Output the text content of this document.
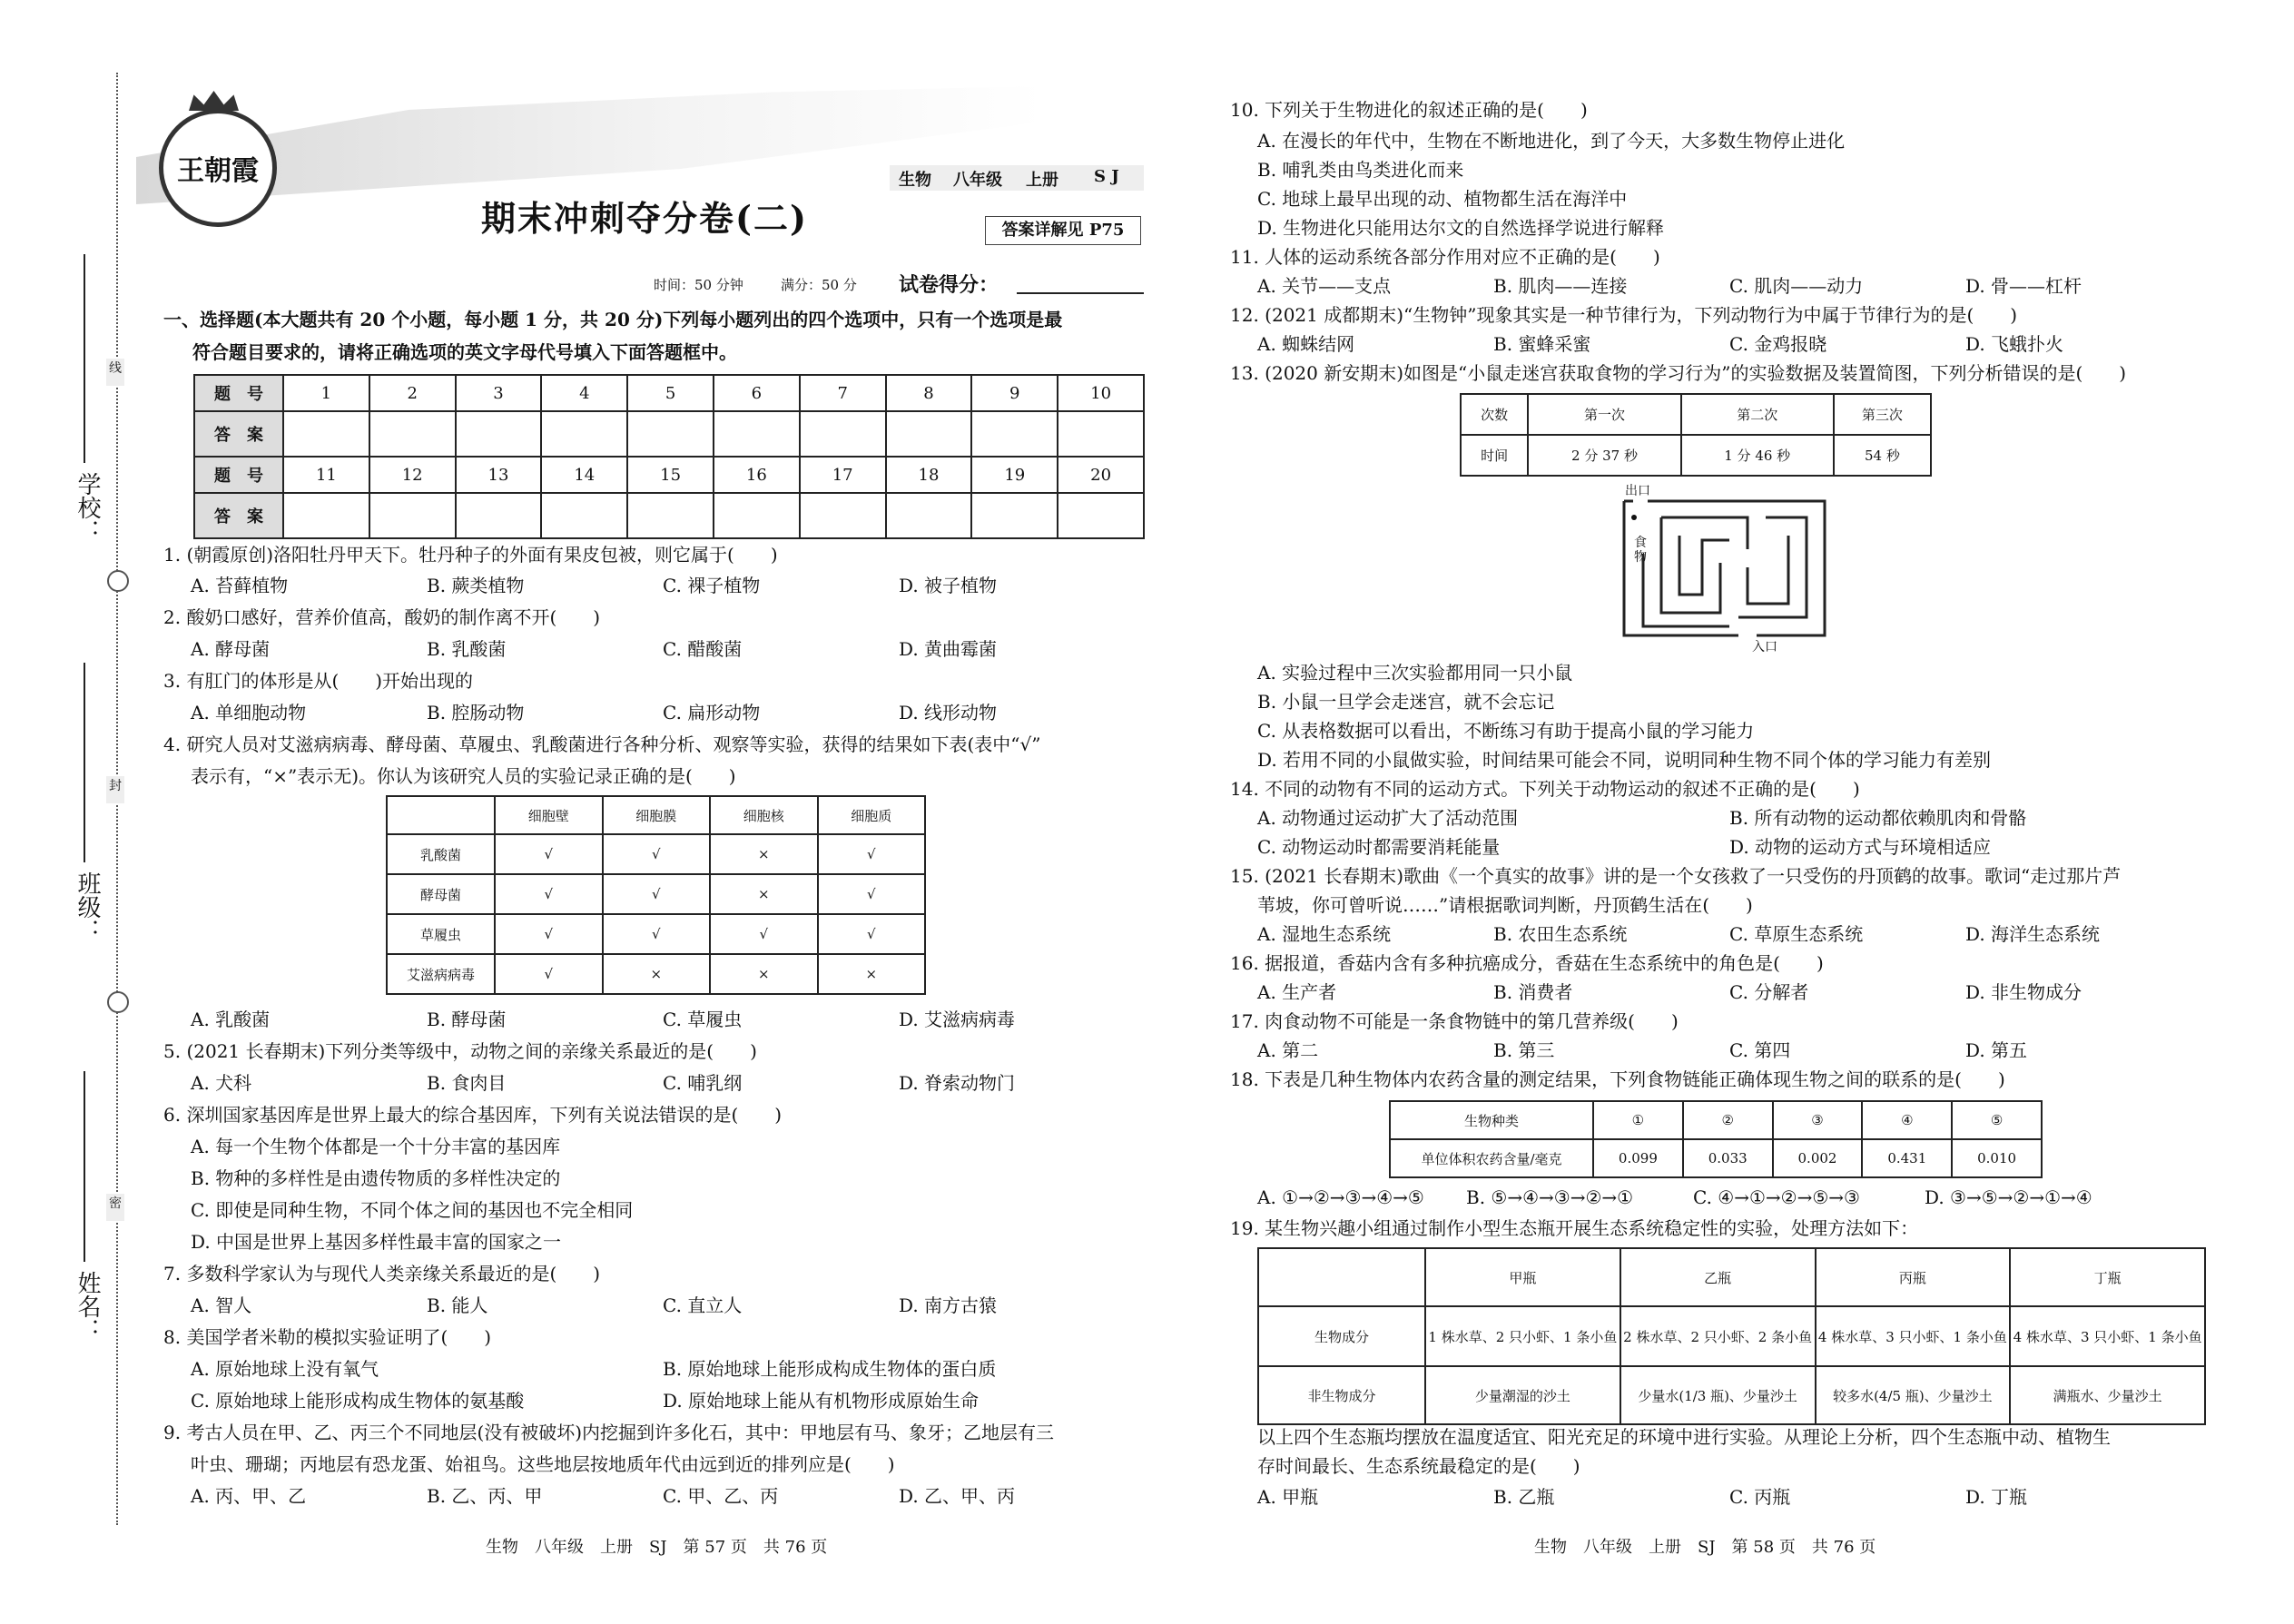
学校：
班级：
姓名：
线
封
密
王朝霞
期末冲刺夺分卷(二)
生物 八年级 上册 S J
答案详解见 P75
时间：50 分钟	满分：50 分 试卷得分：
一、选择题(本大题共有 20 个小题，每小题 1 分，共 20 分)下列每小题列出的四个选项中，只有一个选项是最
符合题目要求的，请将正确选项的英文字母代号填入下面答题框中。
题　号	1	2	3	4	5	6	7	8	9	10
答　案										
题　号	11	12	13	14	15	16	17	18	19	20
答　案										
1. (朝霞原创)洛阳牡丹甲天下。牡丹种子的外面有果皮包被，则它属于(　　)
A. 苔藓植物	B. 蕨类植物	C. 裸子植物	D. 被子植物
2. 酸奶口感好，营养价值高，酸奶的制作离不开(　　)
A. 酵母菌	B. 乳酸菌	C. 醋酸菌	D. 黄曲霉菌
3. 有肛门的体形是从(　　)开始出现的
A. 单细胞动物	B. 腔肠动物	C. 扁形动物	D. 线形动物
4. 研究人员对艾滋病病毒、酵母菌、草履虫、乳酸菌进行各种分析、观察等实验，获得的结果如下表(表中“√”
表示有，“×”表示无)。你认为该研究人员的实验记录正确的是(　　)
	细胞壁	细胞膜	细胞核	细胞质
乳酸菌	√	√	×	√
酵母菌	√	√	×	√
草履虫	√	√	√	√
艾滋病病毒	√	×	×	×
A. 乳酸菌	B. 酵母菌	C. 草履虫	D. 艾滋病病毒
5. (2021 长春期末)下列分类等级中，动物之间的亲缘关系最近的是(　　)
A. 犬科	B. 食肉目	C. 哺乳纲	D. 脊索动物门
6. 深圳国家基因库是世界上最大的综合基因库，下列有关说法错误的是(　　)
A. 每一个生物个体都是一个十分丰富的基因库
B. 物种的多样性是由遗传物质的多样性决定的
C. 即使是同种生物，不同个体之间的基因也不完全相同
D. 中国是世界上基因多样性最丰富的国家之一
7. 多数科学家认为与现代人类亲缘关系最近的是(　　)
A. 智人	B. 能人	C. 直立人	D. 南方古猿
8. 美国学者米勒的模拟实验证明了(　　)
A. 原始地球上没有氧气	B. 原始地球上能形成构成生物体的蛋白质
C. 原始地球上能形成构成生物体的氨基酸	D. 原始地球上能从有机物形成原始生命
9. 考古人员在甲、乙、丙三个不同地层(没有被破坏)内挖掘到许多化石，其中：甲地层有马、象牙；乙地层有三
叶虫、珊瑚；丙地层有恐龙蛋、始祖鸟。这些地层按地质年代由远到近的排列应是(　　)
A. 丙、甲、乙	B. 乙、丙、甲	C. 甲、乙、丙	D. 乙、甲、丙
生物　八年级　上册　SJ　第 57 页　共 76 页
10. 下列关于生物进化的叙述正确的是(　　)
A. 在漫长的年代中，生物在不断地进化，到了今天，大多数生物停止进化
B. 哺乳类由鸟类进化而来
C. 地球上最早出现的动、植物都生活在海洋中
D. 生物进化只能用达尔文的自然选择学说进行解释
11. 人体的运动系统各部分作用对应不正确的是(　　)
A. 关节——支点	B. 肌肉——连接	C. 肌肉——动力	D. 骨——杠杆
12. (2021 成都期末)“生物钟”现象其实是一种节律行为，下列动物行为中属于节律行为的是(　　)
A. 蜘蛛结网	B. 蜜蜂采蜜	C. 金鸡报晓	D. 飞蛾扑火
13. (2020 新安期末)如图是“小鼠走迷宫获取食物的学习行为”的实验数据及装置简图，下列分析错误的是(　　)
次数	第一次	第二次	第三次
时间	2 分 37 秒	1 分 46 秒	54 秒
出口
入口
食物
A. 实验过程中三次实验都用同一只小鼠
B. 小鼠一旦学会走迷宫，就不会忘记
C. 从表格数据可以看出，不断练习有助于提高小鼠的学习能力
D. 若用不同的小鼠做实验，时间结果可能会不同，说明同种生物不同个体的学习能力有差别
14. 不同的动物有不同的运动方式。下列关于动物运动的叙述不正确的是(　　)
A. 动物通过运动扩大了活动范围	B. 所有动物的运动都依赖肌肉和骨骼
C. 动物运动时都需要消耗能量	D. 动物的运动方式与环境相适应
15. (2021 长春期末)歌曲《一个真实的故事》讲的是一个女孩救了一只受伤的丹顶鹤的故事。歌词“走过那片芦
苇坡，你可曾听说……”请根据歌词判断，丹顶鹤生活在(　　)
A. 湿地生态系统	B. 农田生态系统	C. 草原生态系统	D. 海洋生态系统
16. 据报道，香菇内含有多种抗癌成分，香菇在生态系统中的角色是(　　)
A. 生产者	B. 消费者	C. 分解者	D. 非生物成分
17. 肉食动物不可能是一条食物链中的第几营养级(　　)
A. 第二	B. 第三	C. 第四	D. 第五
18. 下表是几种生物体内农药含量的测定结果，下列食物链能正确体现生物之间的联系的是(　　)
生物种类	①	②	③	④	⑤
单位体积农药含量/毫克	0.099	0.033	0.002	0.431	0.010
A. ①→②→③→④→⑤ B. ⑤→④→③→②→①	C. ④→①→②→⑤→③	D. ③→⑤→②→①→④
19. 某生物兴趣小组通过制作小型生态瓶开展生态系统稳定性的实验，处理方法如下：
	甲瓶	乙瓶	丙瓶	丁瓶
生物成分	1 株水草、2 只小虾、1 条小鱼	2 株水草、2 只小虾、2 条小鱼	4 株水草、3 只小虾、1 条小鱼	4 株水草、3 只小虾、1 条小鱼
非生物成分	少量潮湿的沙土	少量水(1/3 瓶)、少量沙土	较多水(4/5 瓶)、少量沙土	满瓶水、少量沙土
以上四个生态瓶均摆放在温度适宜、阳光充足的环境中进行实验。从理论上分析，四个生态瓶中动、植物生
存时间最长、生态系统最稳定的是(　　)
A. 甲瓶	B. 乙瓶	C. 丙瓶	D. 丁瓶
生物　八年级　上册　SJ　第 58 页　共 76 页
